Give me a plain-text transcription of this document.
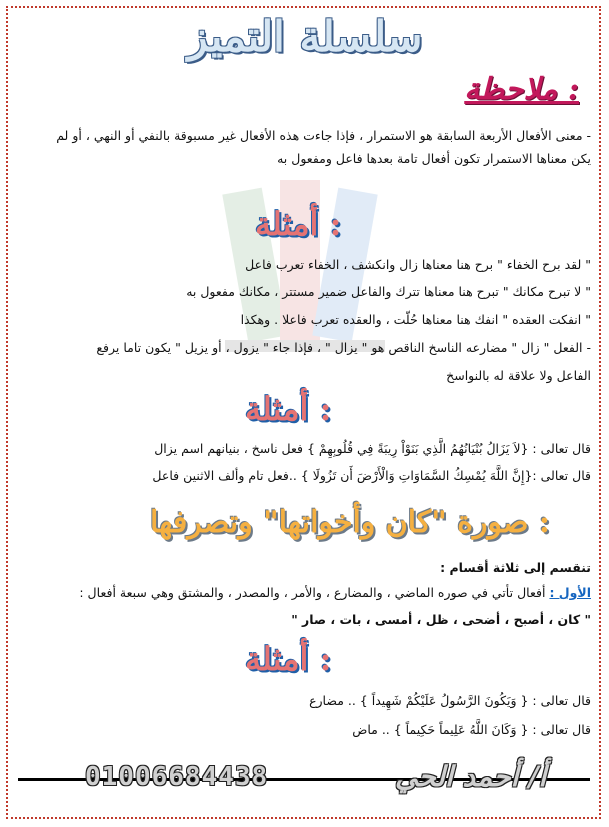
سلسلة التميز
ملاحظة :
- معنى الأفعال الأربعة السابقة هو الاستمرار ، فإذا جاءت هذه الأفعال غير مسبوقة بالنفي أو النهي ، أو لم
يكن معناها الاستمرار تكون أفعال تامة بعدها فاعل ومفعول به
أمثلة :
" لقد برح الخفاء " برح هنا معناها زال وانكشف ، الخفاء تعرب فاعل
" لا تبرح مكانك " تبرح هنا معناها تترك والفاعل ضمير مستتر ، مكانك مفعول به
" انفكت العقده " انفك هنا معناها حُلّت ، والعقده تعرب فاعلا . وهكذا
- الفعل " زال " مضارعه الناسخ الناقص هو " يزال " ، فإذا جاء " يزول ، أو يزيل " يكون تاما يرفع
الفاعل ولا علاقة له بالنواسخ
أمثلة :
قال تعالى : {لاَ يَزَالُ بُنْيَانُهُمُ الَّذِي بَنَوْاْ رِيبَةً فِي قُلُوبِهِمْ } فعل ناسخ ، بنيانهم اسم يزال
قال تعالى :{إِنَّ اللَّهَ يُمْسِكُ السَّمَاوَاتِ وَالْأَرْضَ أَن تَزُولَا } ..فعل تام وألف الاثنين فاعل
صورة "كان وأخواتها" وتصرفها :
تنقسم إلى ثلاثة أقسام :
الأول : أفعال تأتي في صوره الماضي ، والمضارع ، والأمر ، والمصدر ، والمشتق وهي سبعة أفعال :
" كان ، أصبح ، أضحى ، ظل ، أمسى ، بات ، صار "
أمثلة :
قال تعالى : { وَيَكُونَ الرَّسُولُ عَلَيْكُمْ شَهِيداً } .. مضارع
قال تعالى : { وَكَانَ اللَّهُ عَلِيماً حَكِيماً } .. ماض
01006684438	أ/ أحمد الحي
